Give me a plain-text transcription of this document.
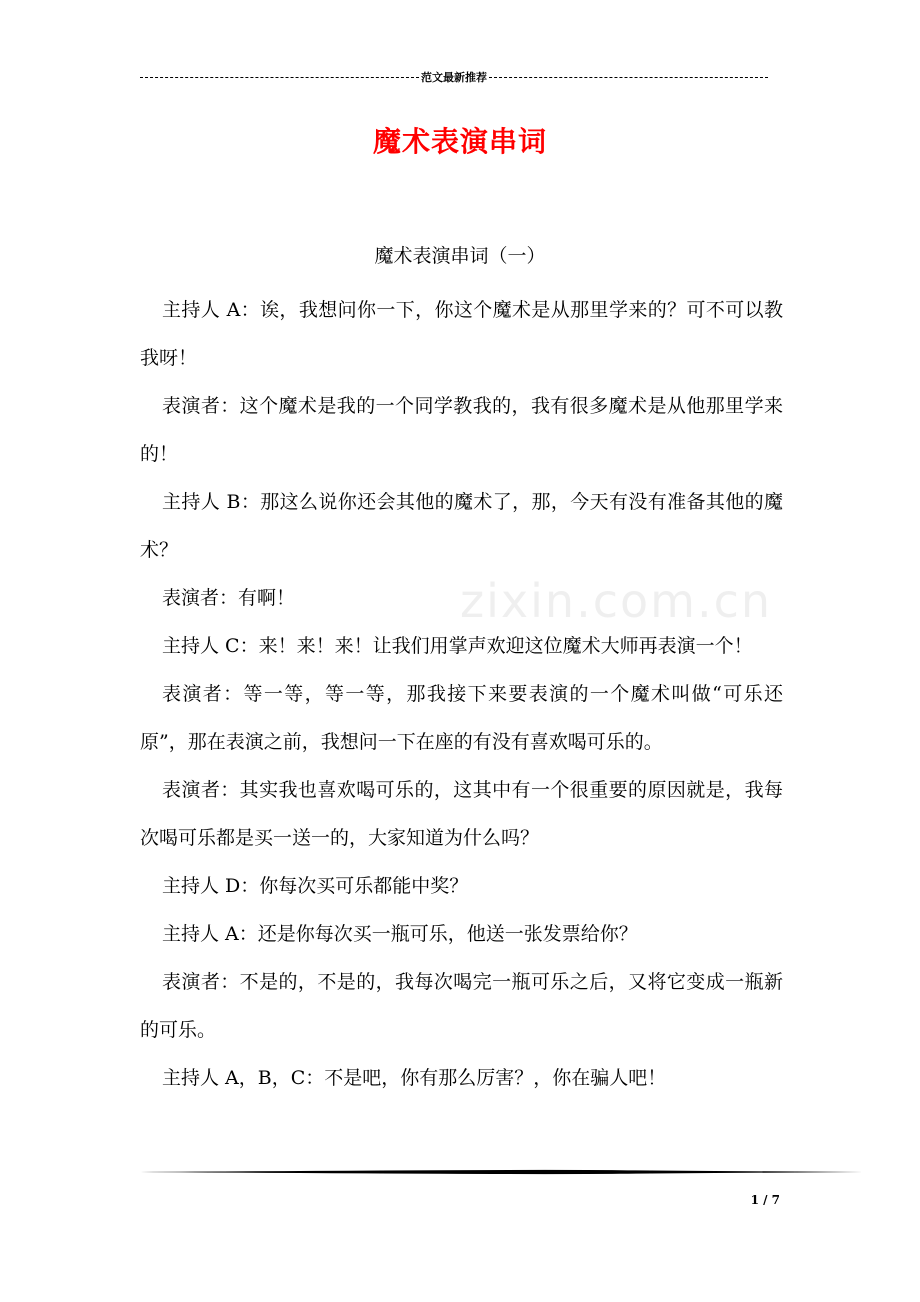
范文最新推荐
魔术表演串词
魔术表演串词（一）
zixin.com.cn

主持人 A：诶，我想问你一下，你这个魔术是从那里学来的？可不可以教我呀！

表演者：这个魔术是我的一个同学教我的，我有很多魔术是从他那里学来的！

主持人 B：那这么说你还会其他的魔术了，那，今天有没有准备其他的魔术？

表演者：有啊！

主持人 C：来！来！来！让我们用掌声欢迎这位魔术大师再表演一个！

表演者：等一等，等一等，那我接下来要表演的一个魔术叫做“可乐还原”，那在表演之前，我想问一下在座的有没有喜欢喝可乐的。

表演者：其实我也喜欢喝可乐的，这其中有一个很重要的原因就是，我每次喝可乐都是买一送一的，大家知道为什么吗？

主持人 D：你每次买可乐都能中奖？

主持人 A：还是你每次买一瓶可乐，他送一张发票给你？

表演者：不是的，不是的，我每次喝完一瓶可乐之后，又将它变成一瓶新的可乐。

主持人 A，B，C：不是吧，你有那么厉害？，你在骗人吧！

1 / 7
